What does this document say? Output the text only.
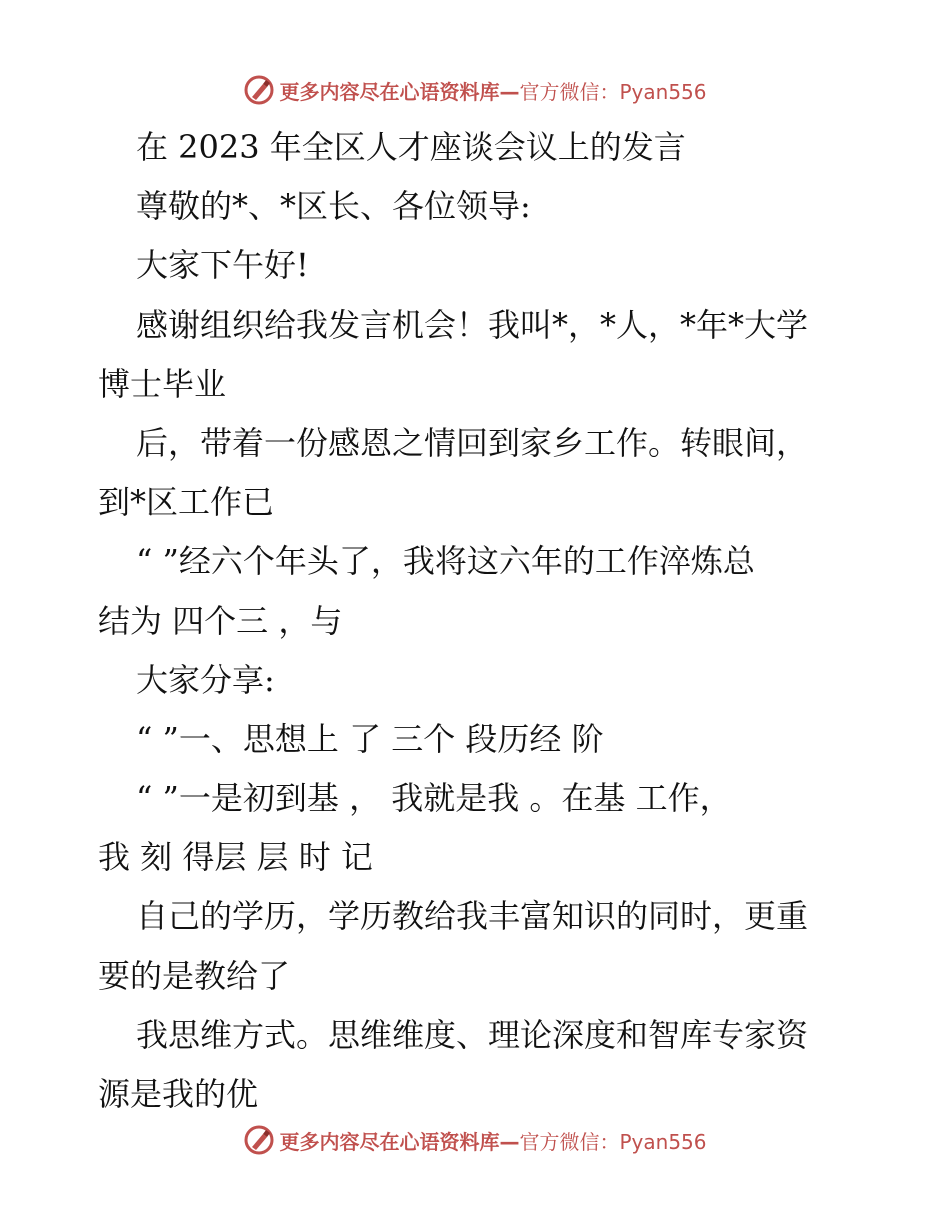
更多内容尽在心语资料库—官方微信：Pyan556
在 2023 年全区人才座谈会议上的发言
尊敬的*、*区长、各位领导:
大家下午好!
感谢组织给我发言机会！我叫*，*人，*年*大学
博士毕业
后，带着一份感恩之情回到家乡工作。转眼间，
到*区工作已
“ ”经六个年头了，我将这六年的工作淬炼总
结为 四个三 ，与
大家分享:
“ ”一、思想上 了 三个 段历经 阶
“ ”一是初到基 ， 我就是我 。在基 工作，
我 刻 得层 层 时 记
自己的学历，学历教给我丰富知识的同时，更重
要的是教给了
我思维方式。思维维度、理论深度和智库专家资
源是我的优
更多内容尽在心语资料库—官方微信：Pyan556
